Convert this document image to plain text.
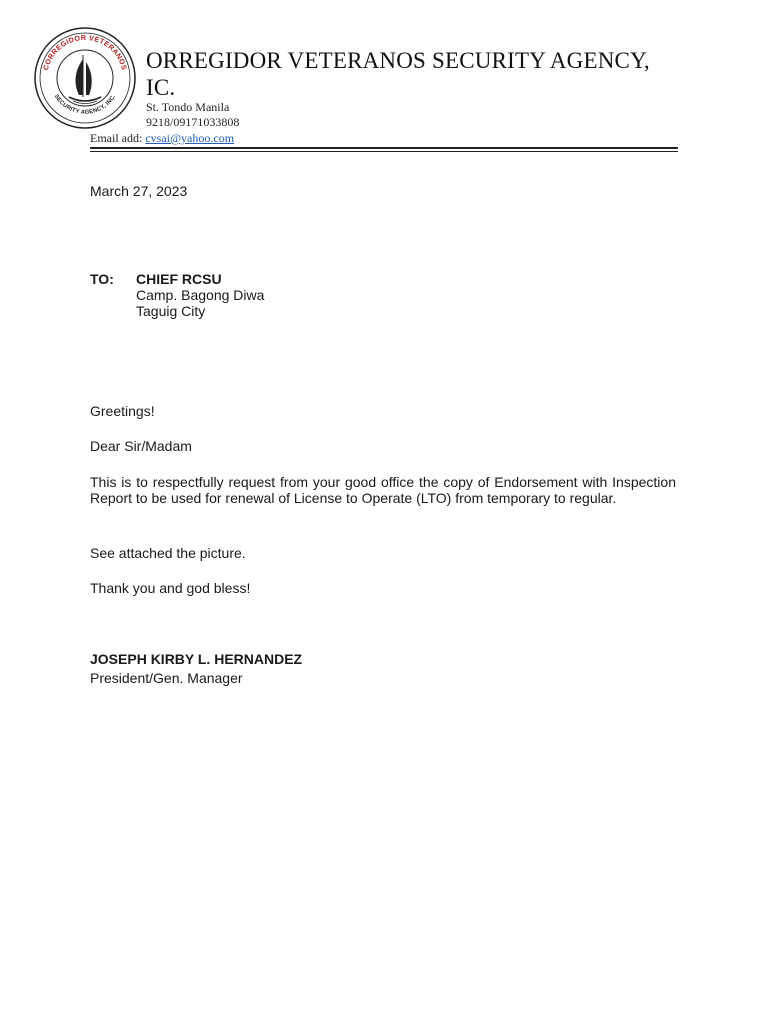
CORREGIDOR VETERANOS
SECURITY AGENCY, INC.
ORREGIDOR VETERANOS SECURITY AGENCY,
IC.
St. Tondo Manila
9218/09171033808
Email add: cvsai@yahoo.com
March 27, 2023
TO: CHIEF RCSU
Camp. Bagong Diwa
Taguig City
Greetings!
Dear Sir/Madam

This is to respectfully request from your good office the copy of Endorsement with Inspection Report to be used for renewal of License to Operate (LTO) from temporary to regular.

See attached the picture.
Thank you and god bless!
JOSEPH KIRBY L. HERNANDEZ
President/Gen. Manager
